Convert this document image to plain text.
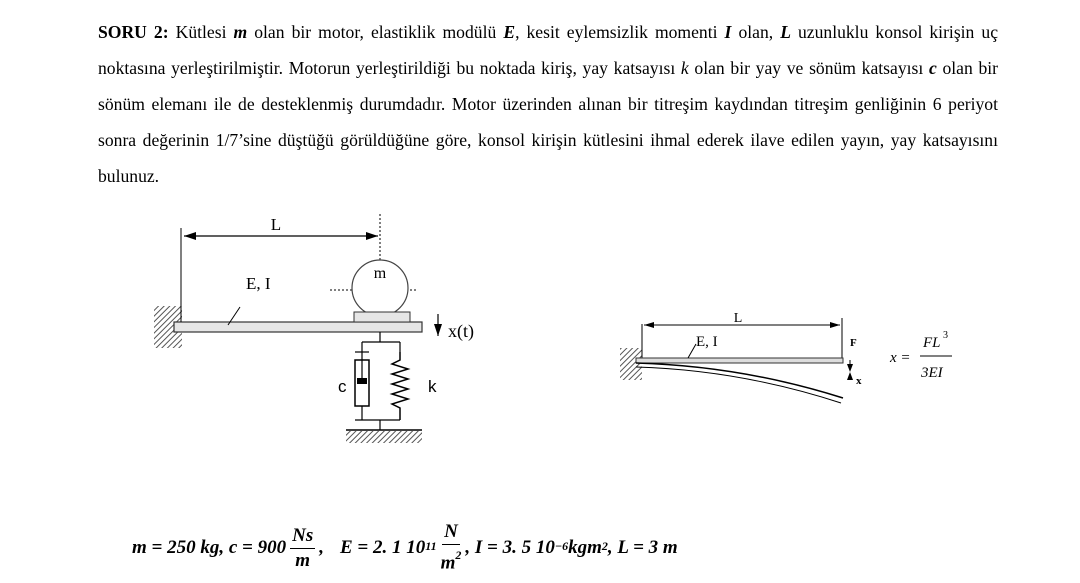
SORU 2: Kütlesi m olan bir motor, elastiklik modülü E, kesit eylemsizlik momenti I olan, L uzunluklu konsol kirişin uç noktasına yerleştirilmiştir. Motorun yerleştirildiği bu noktada kiriş, yay katsayısı k olan bir yay ve sönüm katsayısı c olan bir sönüm elemanı ile de desteklenmiş durumdadır. Motor üzerinden alınan bir titreşim kaydından titreşim genliğinin 6 periyot sonra değerinin 1/7’sine düştüğü görüldüğüne göre, konsol kirişin kütlesini ihmal ederek ilave edilen yayın, yay katsayısını bulunuz.
L
E, I
m
x(t)
c	k
L
E, I	F
x
x =
FL 3
3EI
m = 250 kg, $c = 900 \frac{Ns}{m}$ , E = 2. 1 $10^{11} \frac{N}{m^2}$ , I = 3. 5 $10^{-6}$ kgm$^2$ , L = 3 m
